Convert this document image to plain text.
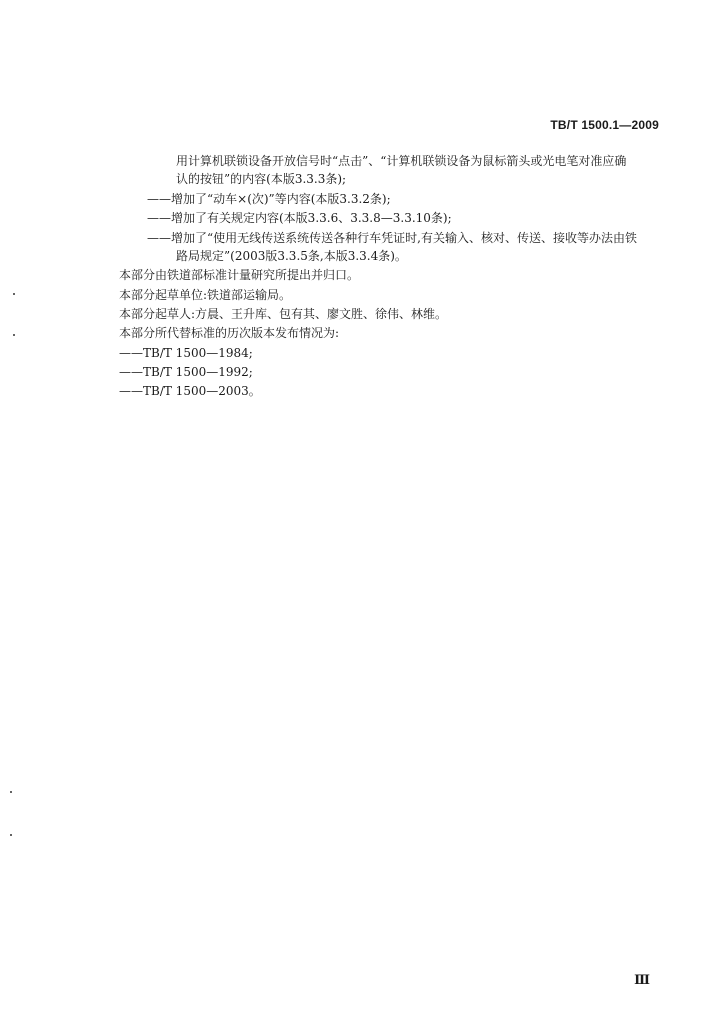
TB/T 1500.1—2009
用计算机联锁设备开放信号时“点击”、“计算机联锁设备为鼠标箭头或光电笔对准应确
认的按钮”的内容(本版3.3.3条);
——增加了“动车×(次)”等内容(本版3.3.2条);
——增加了有关规定内容(本版3.3.6、3.3.8—3.3.10条);
——增加了“使用无线传送系统传送各种行车凭证时,有关输入、核对、传送、接收等办法由铁
路局规定”(2003版3.3.5条,本版3.3.4条)。
本部分由铁道部标准计量研究所提出并归口。
本部分起草单位:铁道部运输局。
本部分起草人:方晨、王升库、包有其、廖文胜、徐伟、林维。
本部分所代替标准的历次版本发布情况为:
——TB/T 1500—1984;
——TB/T 1500—1992;
——TB/T 1500—2003。
Ⅲ
